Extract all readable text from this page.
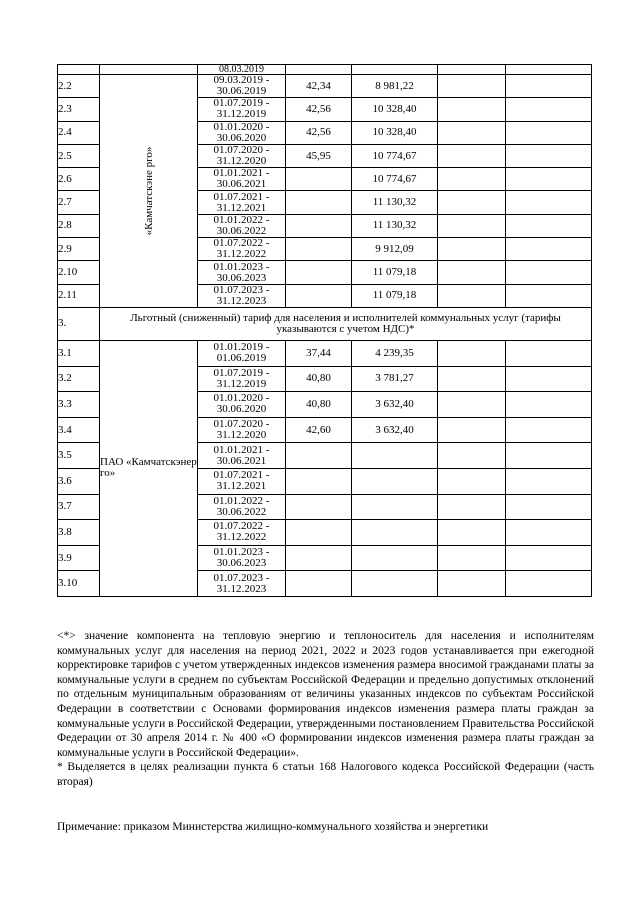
		08.03.2019				
2.2	«Камчатскэне рго»	09.03.2019 - 30.06.2019	42,34	8 981,22		
2.3		01.07.2019 - 31.12.2019	42,56	10 328,40		
2.4		01.01.2020 - 30.06.2020	42,56	10 328,40		
2.5		01.07.2020 - 31.12.2020	45,95	10 774,67		
2.6		01.01.2021 - 30.06.2021		10 774,67		
2.7		01.07.2021 - 31.12.2021		11 130,32		
2.8		01.01.2022 - 30.06.2022		11 130,32		
2.9		01.07.2022 - 31.12.2022		9 912,09		
2.10		01.01.2023 - 30.06.2023		11 079,18		
2.11		01.07.2023 - 31.12.2023		11 079,18		
3.	Льготный (сниженный) тариф для населения и исполнителей коммунальных услуг (тарифы указываются с учетом НДС)*					
3.1	ПАО «Камчатскэнер го»	01.01.2019 - 01.06.2019	37,44	4 239,35		
3.2		01.07.2019 - 31.12.2019	40,80	3 781,27		
3.3		01.01.2020 - 30.06.2020	40,80	3 632,40		
3.4		01.07.2020 - 31.12.2020	42,60	3 632,40		
3.5		01.01.2021 - 30.06.2021				
3.6		01.07.2021 - 31.12.2021				
3.7		01.01.2022 - 30.06.2022				
3.8		01.07.2022 - 31.12.2022				
3.9		01.01.2023 - 30.06.2023				
3.10		01.07.2023 - 31.12.2023				

<*> значение компонента на тепловую энергию и теплоноситель для населения и исполнителям коммунальных услуг для населения на период 2021, 2022 и 2023 годов устанавливается при ежегодной корректировке тарифов с учетом утвержденных индексов изменения размера вносимой гражданами платы за коммунальные услуги в среднем по субъектам Российской Федерации и предельно допустимых отклонений по отдельным муниципальным образованиям от величины указанных индексов по субъектам Российской Федерации в соответствии с Основами формирования индексов изменения размера платы граждан за коммунальные услуги в Российской Федерации, утвержденными постановлением Правительства Российской Федерации от 30 апреля 2014 г. № 400 «О формировании индексов изменения размера платы граждан за коммунальные услуги в Российской Федерации».

* Выделяется в целях реализации пункта 6 статьи 168 Налогового кодекса Российской Федерации (часть вторая)

Примечание: приказом Министерства жилищно-коммунального хозяйства и энергетики
